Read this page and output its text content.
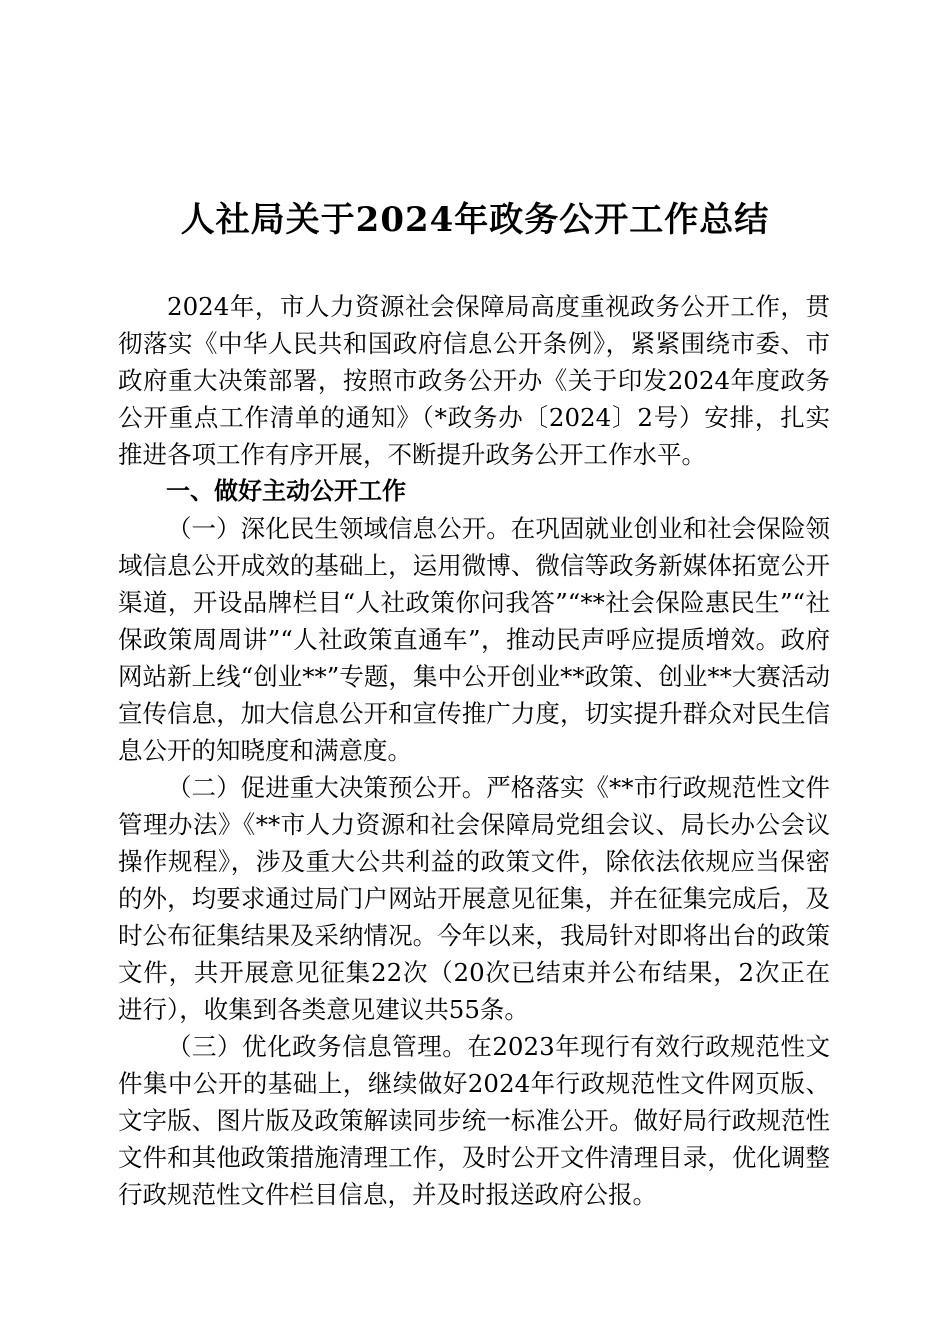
人社局关于2024年政务公开工作总结

2024年，市人力资源社会保障局高度重视政务公开工作，贯彻落实《中华人民共和国政府信息公开条例》，紧紧围绕市委、市政府重大决策部署，按照市政务公开办《关于印发2024年度政务公开重点工作清单的通知》（*政务办〔2024〕2号）安排，扎实推进各项工作有序开展，不断提升政务公开工作水平。

一、做好主动公开工作

（一）深化民生领域信息公开。在巩固就业创业和社会保险领域信息公开成效的基础上，运用微博、微信等政务新媒体拓宽公开渠道，开设品牌栏目“人社政策你问我答”“**社会保险惠民生”“社保政策周周讲”“人社政策直通车”，推动民声呼应提质增效。政府网站新上线“创业**”专题，集中公开创业**政策、创业**大赛活动宣传信息，加大信息公开和宣传推广力度，切实提升群众对民生信息公开的知晓度和满意度。

（二）促进重大决策预公开。严格落实《**市行政规范性文件管理办法》《**市人力资源和社会保障局党组会议、局长办公会议操作规程》，涉及重大公共利益的政策文件，除依法依规应当保密的外，均要求通过局门户网站开展意见征集，并在征集完成后，及时公布征集结果及采纳情况。今年以来，我局针对即将出台的政策文件，共开展意见征集22次（20次已结束并公布结果，2次正在进行），收集到各类意见建议共55条。

（三）优化政务信息管理。在2023年现行有效行政规范性文件集中公开的基础上，继续做好2024年行政规范性文件网页版、文字版、图片版及政策解读同步统一标准公开。做好局行政规范性文件和其他政策措施清理工作，及时公开文件清理目录，优化调整行政规范性文件栏目信息，并及时报送政府公报。
